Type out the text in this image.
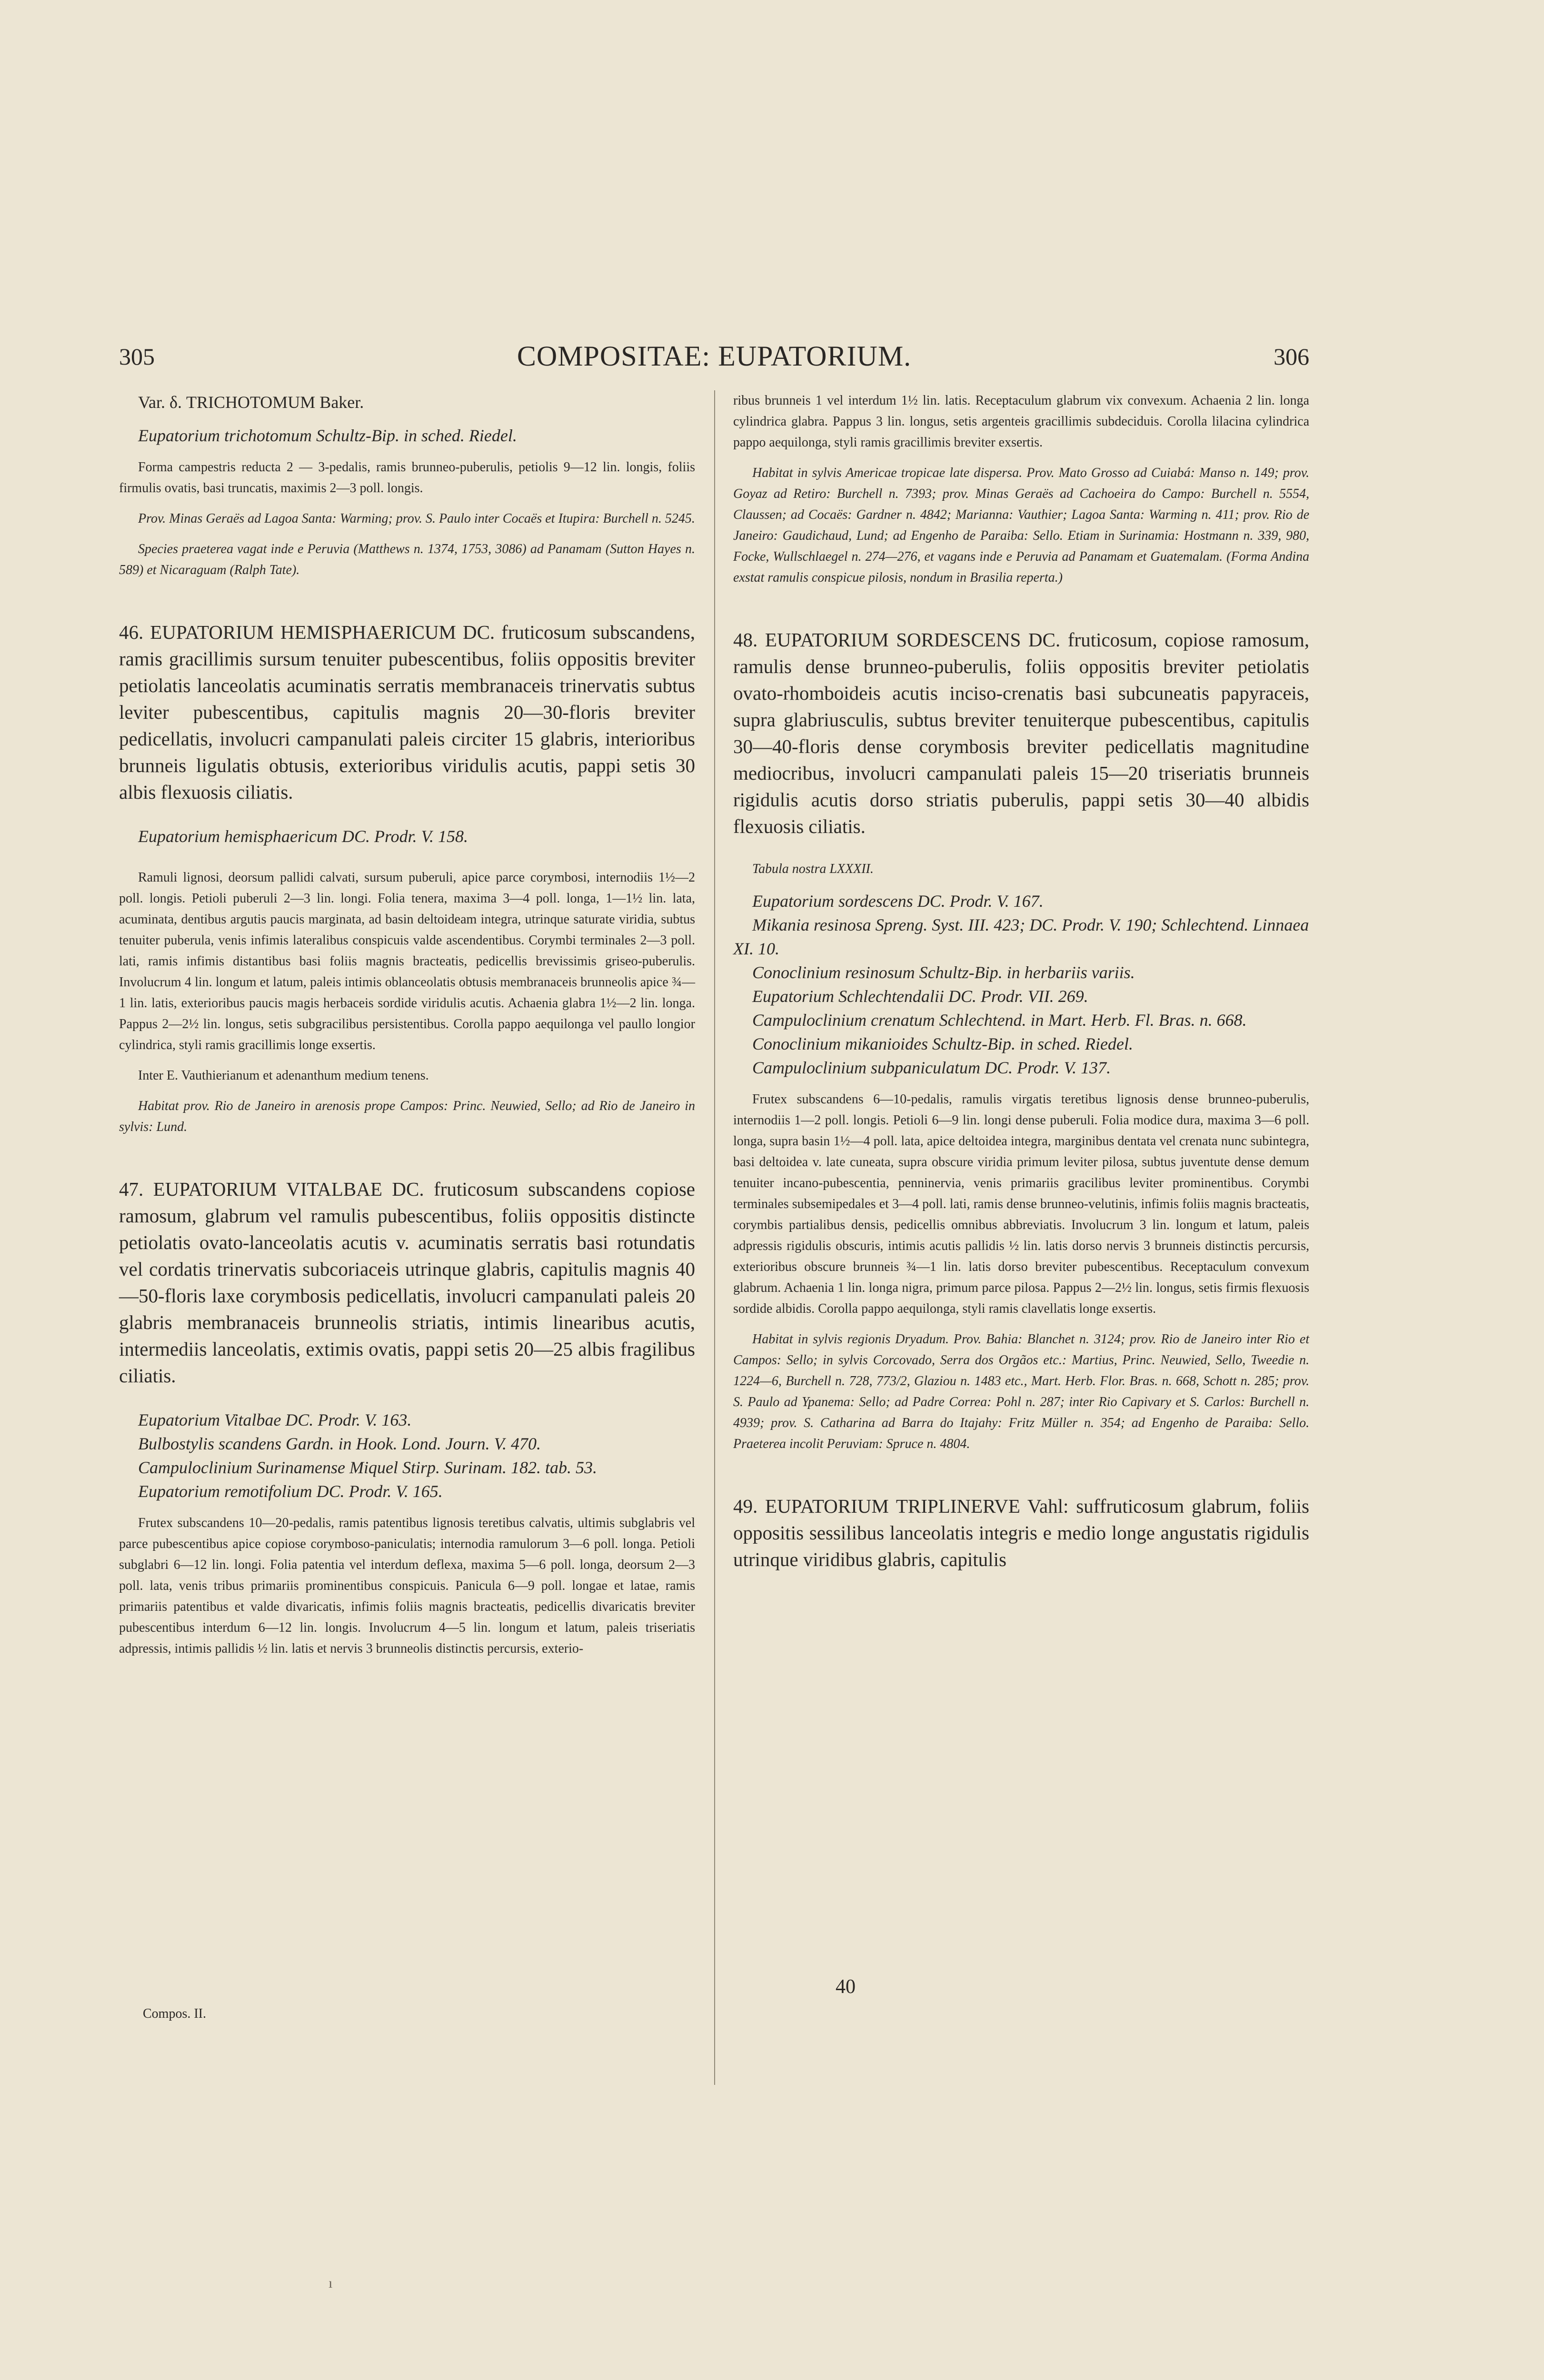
305	COMPOSITAE: EUPATORIUM.	306

Var. δ. TRICHOTOMUM Baker.

Eupatorium trichotomum Schultz-Bip. in sched. Riedel.

Forma campestris reducta 2 — 3-pedalis, ramis brunneo-puberulis, petiolis 9—12 lin. longis, foliis firmulis ovatis, basi truncatis, maximis 2—3 poll. longis.

Prov. Minas Geraës ad Lagoa Santa: Warming; prov. S. Paulo inter Cocaës et Itupira: Burchell n. 5245.

Species praeterea vagat inde e Peruvia (Matthews n. 1374, 1753, 3086) ad Panamam (Sutton Hayes n. 589) et Nicaraguam (Ralph Tate).

46. EUPATORIUM HEMISPHAERICUM DC. fruticosum subscandens, ramis gracillimis sursum tenuiter pubescentibus, foliis oppositis breviter petiolatis lanceolatis acuminatis serratis membranaceis trinervatis subtus leviter pubescentibus, capitulis magnis 20—30-floris breviter pedicellatis, involucri campanulati paleis circiter 15 glabris, interioribus brunneis ligulatis obtusis, exterioribus viridulis acutis, pappi setis 30 albis flexuosis ciliatis.

Eupatorium hemisphaericum DC. Prodr. V. 158.

Ramuli lignosi, deorsum pallidi calvati, sursum puberuli, apice parce corymbosi, internodiis 1½—2 poll. longis. Petioli puberuli 2—3 lin. longi. Folia tenera, maxima 3—4 poll. longa, 1—1½ lin. lata, acuminata, dentibus argutis paucis marginata, ad basin deltoideam integra, utrinque saturate viridia, subtus tenuiter puberula, venis infimis lateralibus conspicuis valde ascendentibus. Corymbi terminales 2—3 poll. lati, ramis infimis distantibus basi foliis magnis bracteatis, pedicellis brevissimis griseo-puberulis. Involucrum 4 lin. longum et latum, paleis intimis oblanceolatis obtusis membranaceis brunneolis apice ¾—1 lin. latis, exterioribus paucis magis herbaceis sordide viridulis acutis. Achaenia glabra 1½—2 lin. longa. Pappus 2—2½ lin. longus, setis subgracilibus persistentibus. Corolla pappo aequilonga vel paullo longior cylindrica, styli ramis gracillimis longe exsertis.

Inter E. Vauthierianum et adenanthum medium tenens.

Habitat prov. Rio de Janeiro in arenosis prope Campos: Princ. Neuwied, Sello; ad Rio de Janeiro in sylvis: Lund.

47. EUPATORIUM VITALBAE DC. fruticosum subscandens copiose ramosum, glabrum vel ramulis pubescentibus, foliis oppositis distincte petiolatis ovato-lanceolatis acutis v. acuminatis serratis basi rotundatis vel cordatis trinervatis subcoriaceis utrinque glabris, capitulis magnis 40—50-floris laxe corymbosis pedicellatis, involucri campanulati paleis 20 glabris membranaceis brunneolis striatis, intimis linearibus acutis, intermediis lanceolatis, extimis ovatis, pappi setis 20—25 albis fragilibus ciliatis.

Eupatorium Vitalbae DC. Prodr. V. 163.

Bulbostylis scandens Gardn. in Hook. Lond. Journ. V. 470.

Campuloclinium Surinamense Miquel Stirp. Surinam. 182. tab. 53.

Eupatorium remotifolium DC. Prodr. V. 165.

Frutex subscandens 10—20-pedalis, ramis patentibus lignosis teretibus calvatis, ultimis subglabris vel parce pubescentibus apice copiose corymboso-paniculatis; internodia ramulorum 3—6 poll. longa. Petioli subglabri 6—12 lin. longi. Folia patentia vel interdum deflexa, maxima 5—6 poll. longa, deorsum 2—3 poll. lata, venis tribus primariis prominentibus conspicuis. Panicula 6—9 poll. longae et latae, ramis primariis patentibus et valde divaricatis, infimis foliis magnis bracteatis, pedicellis divaricatis breviter pubescentibus interdum 6—12 lin. longis. Involucrum 4—5 lin. longum et latum, paleis triseriatis adpressis, intimis pallidis ½ lin. latis et nervis 3 brunneolis distinctis percursis, exterio-

ribus brunneis 1 vel interdum 1½ lin. latis. Receptaculum glabrum vix convexum. Achaenia 2 lin. longa cylindrica glabra. Pappus 3 lin. longus, setis argenteis gracillimis subdeciduis. Corolla lilacina cylindrica pappo aequilonga, styli ramis gracillimis breviter exsertis.

Habitat in sylvis Americae tropicae late dispersa. Prov. Mato Grosso ad Cuiabá: Manso n. 149; prov. Goyaz ad Retiro: Burchell n. 7393; prov. Minas Geraës ad Cachoeira do Campo: Burchell n. 5554, Claussen; ad Cocaës: Gardner n. 4842; Marianna: Vauthier; Lagoa Santa: Warming n. 411; prov. Rio de Janeiro: Gaudichaud, Lund; ad Engenho de Paraiba: Sello. Etiam in Surinamia: Hostmann n. 339, 980, Focke, Wullschlaegel n. 274—276, et vagans inde e Peruvia ad Panamam et Guatemalam. (Forma Andina exstat ramulis conspicue pilosis, nondum in Brasilia reperta.)

48. EUPATORIUM SORDESCENS DC. fruticosum, copiose ramosum, ramulis dense brunneo-puberulis, foliis oppositis breviter petiolatis ovato-rhomboideis acutis inciso-crenatis basi subcuneatis papyraceis, supra glabriusculis, subtus breviter tenuiterque pubescentibus, capitulis 30—40-floris dense corymbosis breviter pedicellatis magnitudine mediocribus, involucri campanulati paleis 15—20 triseriatis brunneis rigidulis acutis dorso striatis puberulis, pappi setis 30—40 albidis flexuosis ciliatis.

Tabula nostra LXXXII.

Eupatorium sordescens DC. Prodr. V. 167.

Mikania resinosa Spreng. Syst. III. 423; DC. Prodr. V. 190; Schlechtend. Linnaea XI. 10.

Conoclinium resinosum Schultz-Bip. in herbariis variis.

Eupatorium Schlechtendalii DC. Prodr. VII. 269.

Campuloclinium crenatum Schlechtend. in Mart. Herb. Fl. Bras. n. 668.

Conoclinium mikanioides Schultz-Bip. in sched. Riedel.

Campuloclinium subpaniculatum DC. Prodr. V. 137.

Frutex subscandens 6—10-pedalis, ramulis virgatis teretibus lignosis dense brunneo-puberulis, internodiis 1—2 poll. longis. Petioli 6—9 lin. longi dense puberuli. Folia modice dura, maxima 3—6 poll. longa, supra basin 1½—4 poll. lata, apice deltoidea integra, marginibus dentata vel crenata nunc subintegra, basi deltoidea v. late cuneata, supra obscure viridia primum leviter pilosa, subtus juventute dense demum tenuiter incano-pubescentia, penninervia, venis primariis gracilibus leviter prominentibus. Corymbi terminales subsemipedales et 3—4 poll. lati, ramis dense brunneo-velutinis, infimis foliis magnis bracteatis, corymbis partialibus densis, pedicellis omnibus abbreviatis. Involucrum 3 lin. longum et latum, paleis adpressis rigidulis obscuris, intimis acutis pallidis ½ lin. latis dorso nervis 3 brunneis distinctis percursis, exterioribus obscure brunneis ¾—1 lin. latis dorso breviter pubescentibus. Receptaculum convexum glabrum. Achaenia 1 lin. longa nigra, primum parce pilosa. Pappus 2—2½ lin. longus, setis firmis flexuosis sordide albidis. Corolla pappo aequilonga, styli ramis clavellatis longe exsertis.

Habitat in sylvis regionis Dryadum. Prov. Bahia: Blanchet n. 3124; prov. Rio de Janeiro inter Rio et Campos: Sello; in sylvis Corcovado, Serra dos Orgãos etc.: Martius, Princ. Neuwied, Sello, Tweedie n. 1224—6, Burchell n. 728, 773/2, Glaziou n. 1483 etc., Mart. Herb. Flor. Bras. n. 668, Schott n. 285; prov. S. Paulo ad Ypanema: Sello; ad Padre Correa: Pohl n. 287; inter Rio Capivary et S. Carlos: Burchell n. 4939; prov. S. Catharina ad Barra do Itajahy: Fritz Müller n. 354; ad Engenho de Paraiba: Sello. Praeterea incolit Peruviam: Spruce n. 4804.

49. EUPATORIUM TRIPLINERVE Vahl: suffruticosum glabrum, foliis oppositis sessilibus lanceolatis integris e medio longe angustatis rigidulis utrinque viridibus glabris, capitulis

Compos. II.
40
ı
